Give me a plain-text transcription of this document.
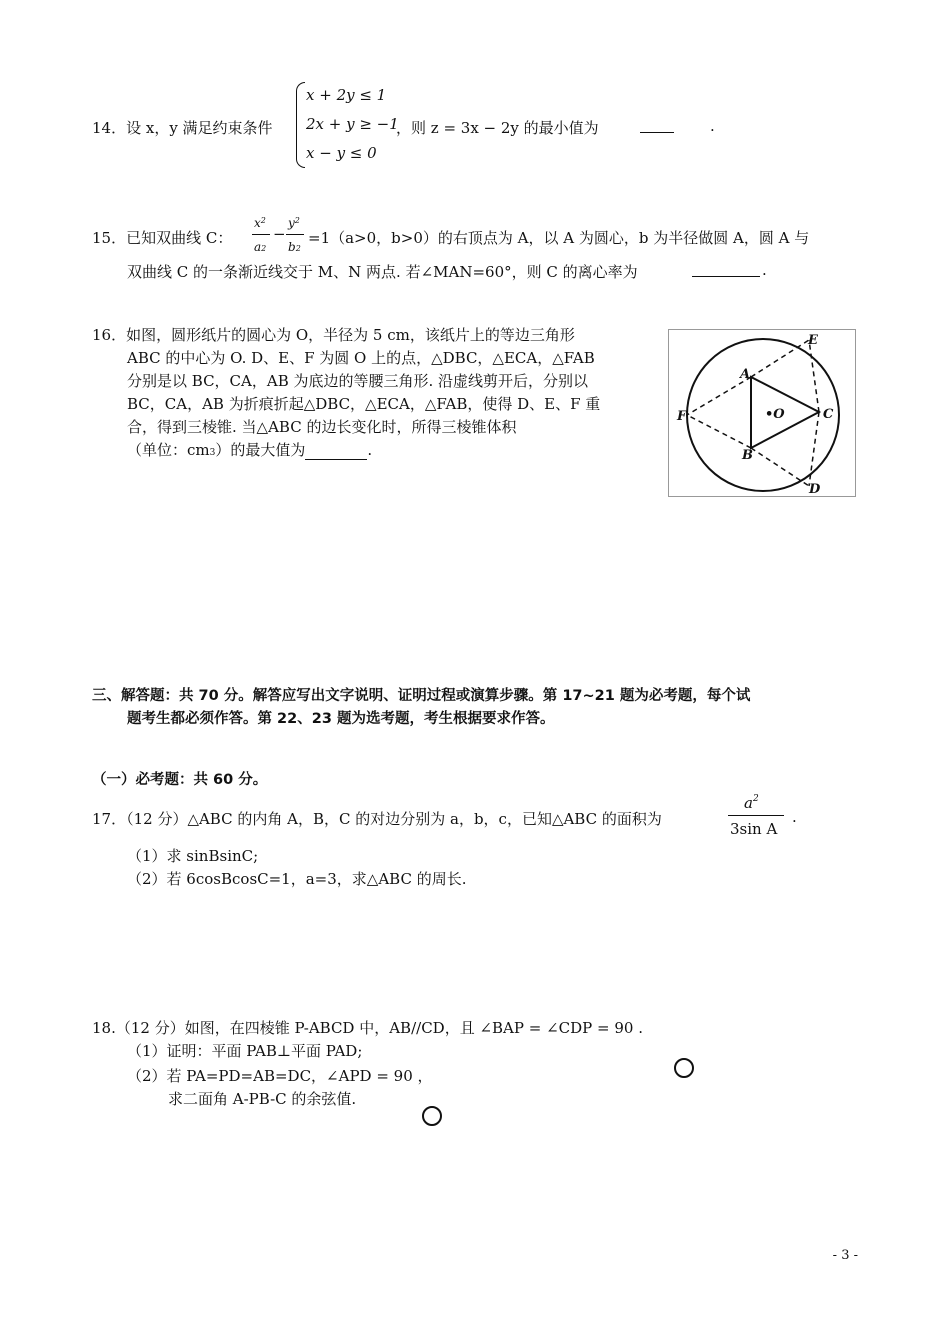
14．设 x，y 满足约束条件
x + 2y ≤ 1
2x + y ≥ −1
x − y ≤ 0
，则 z = 3x − 2y 的最小值为	.
15．已知双曲线 C：
$x^2$
a2
−
$y^2$
b2
=1（a>0，b>0）的右顶点为 A，以 A 为圆心，b 为半径做圆 A，圆 A 与
双曲线 C 的一条渐近线交于 M、N 两点. 若∠MAN=60°，则 C 的离心率为	.
16．如图，圆形纸片的圆心为 O，半径为 5 cm，该纸片上的等边三角形
ABC 的中心为 O. D、E、F 为圆 O 上的点，△DBC，△ECA，△FAB
分别是以 BC，CA，AB 为底边的等腰三角形. 沿虚线剪开后，分别以
BC，CA，AB 为折痕折起△DBC，△ECA，△FAB，使得 D、E、F 重
合，得到三棱锥. 当△ABC 的边长变化时，所得三棱锥体积
（单位：cm3）的最大值为	.
A
B
C
D
E
F	•O
三、解答题：共 70 分。解答应写出文字说明、证明过程或演算步骤。第 17~21 题为必考题，每个试
题考生都必须作答。第 22、23 题为选考题，考生根据要求作答。
（一）必考题：共 60 分。
17．（12 分）△ABC 的内角 A，B，C 的对边分别为 a，b，c，已知△ABC 的面积为
$a^2$
3sin A
.
（1）求 sinBsinC;
（2）若 6cosBcosC=1，a=3，求△ABC 的周长.
18.（12 分）如图，在四棱锥 P-ABCD 中，AB//CD，且 ∠BAP = ∠CDP = 90 .
（1）证明：平面 PAB⊥平面 PAD;
（2）若 PA=PD=AB=DC，∠APD = 90 ，
求二面角 A-PB-C 的余弦值.
- 3 -
